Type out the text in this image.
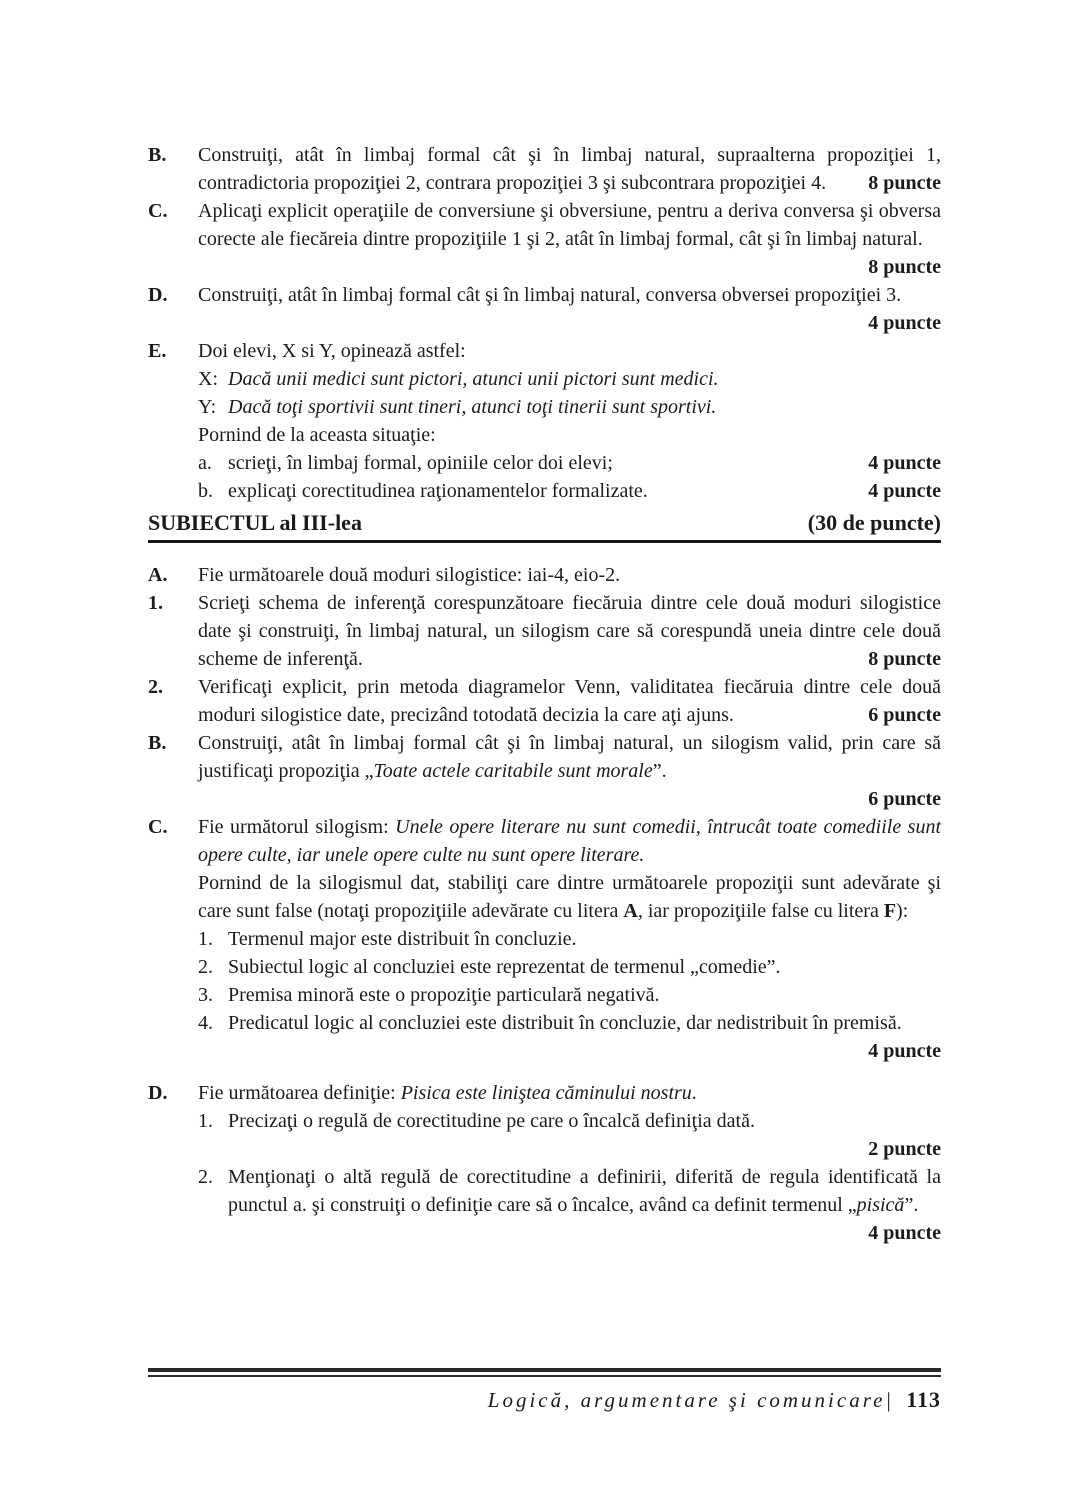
B. Construiţi, atât în limbaj formal cât şi în limbaj natural, supraalterna propoziţiei 1, contradictoria propoziţiei 2, contrara propoziţiei 3 şi subcontrara propoziţiei 4.	8 puncte
C. Aplicaţi explicit operaţiile de conversiune şi obversiune, pentru a deriva conversa şi obversa corecte ale fiecăreia dintre propoziţiile 1 şi 2, atât în limbaj formal, cât şi în limbaj natural.
8 puncte
D. Construiţi, atât în limbaj formal cât şi în limbaj natural, conversa obversei propoziţiei 3.
4 puncte
E. Doi elevi, X si Y, opinează astfel:
X: Dacă unii medici sunt pictori, atunci unii pictori sunt medici.
Y: Dacă toţi sportivii sunt tineri, atunci toţi tinerii sunt sportivi.
Pornind de la aceasta situaţie:
a. scrieţi, în limbaj formal, opiniile celor doi elevi;	4 puncte
b. explicaţi corectitudinea raţionamentelor formalizate.	4 puncte
SUBIECTUL al III-lea	(30 de puncte)
A. Fie următoarele două moduri silogistice: iai-4, eio-2.
1. Scrieţi schema de inferenţă corespunzătoare fiecăruia dintre cele două moduri silogistice date şi construiţi, în limbaj natural, un silogism care să corespundă uneia dintre cele două scheme de inferenţă.	8 puncte
2. Verificaţi explicit, prin metoda diagramelor Venn, validitatea fiecăruia dintre cele două moduri silogistice date, precizând totodată decizia la care aţi ajuns.	6 puncte
B. Construiţi, atât în limbaj formal cât şi în limbaj natural, un silogism valid, prin care să justificaţi propoziţia „Toate actele caritabile sunt morale”.
6 puncte
C. Fie următorul silogism: Unele opere literare nu sunt comedii, întrucât toate comediile sunt opere culte, iar unele opere culte nu sunt opere literare.
Pornind de la silogismul dat, stabiliţi care dintre următoarele propoziţii sunt adevărate şi care sunt false (notaţi propoziţiile adevărate cu litera A, iar propoziţiile false cu litera F):
1. Termenul major este distribuit în concluzie.
2. Subiectul logic al concluziei este reprezentat de termenul „comedie”.
3. Premisa minoră este o propoziţie particulară negativă.
4. Predicatul logic al concluziei este distribuit în concluzie, dar nedistribuit în premisă.
4 puncte
D. Fie următoarea definiţie: Pisica este liniştea căminului nostru.
1. Precizaţi o regulă de corectitudine pe care o încalcă definiţia dată.
2 puncte
2. Menţionaţi o altă regulă de corectitudine a definirii, diferită de regula identificată la punctul a. şi construiţi o definiţie care să o încalce, având ca definit termenul „pisică”.
4 puncte
Logică, argumentare şi comunicare| 113
